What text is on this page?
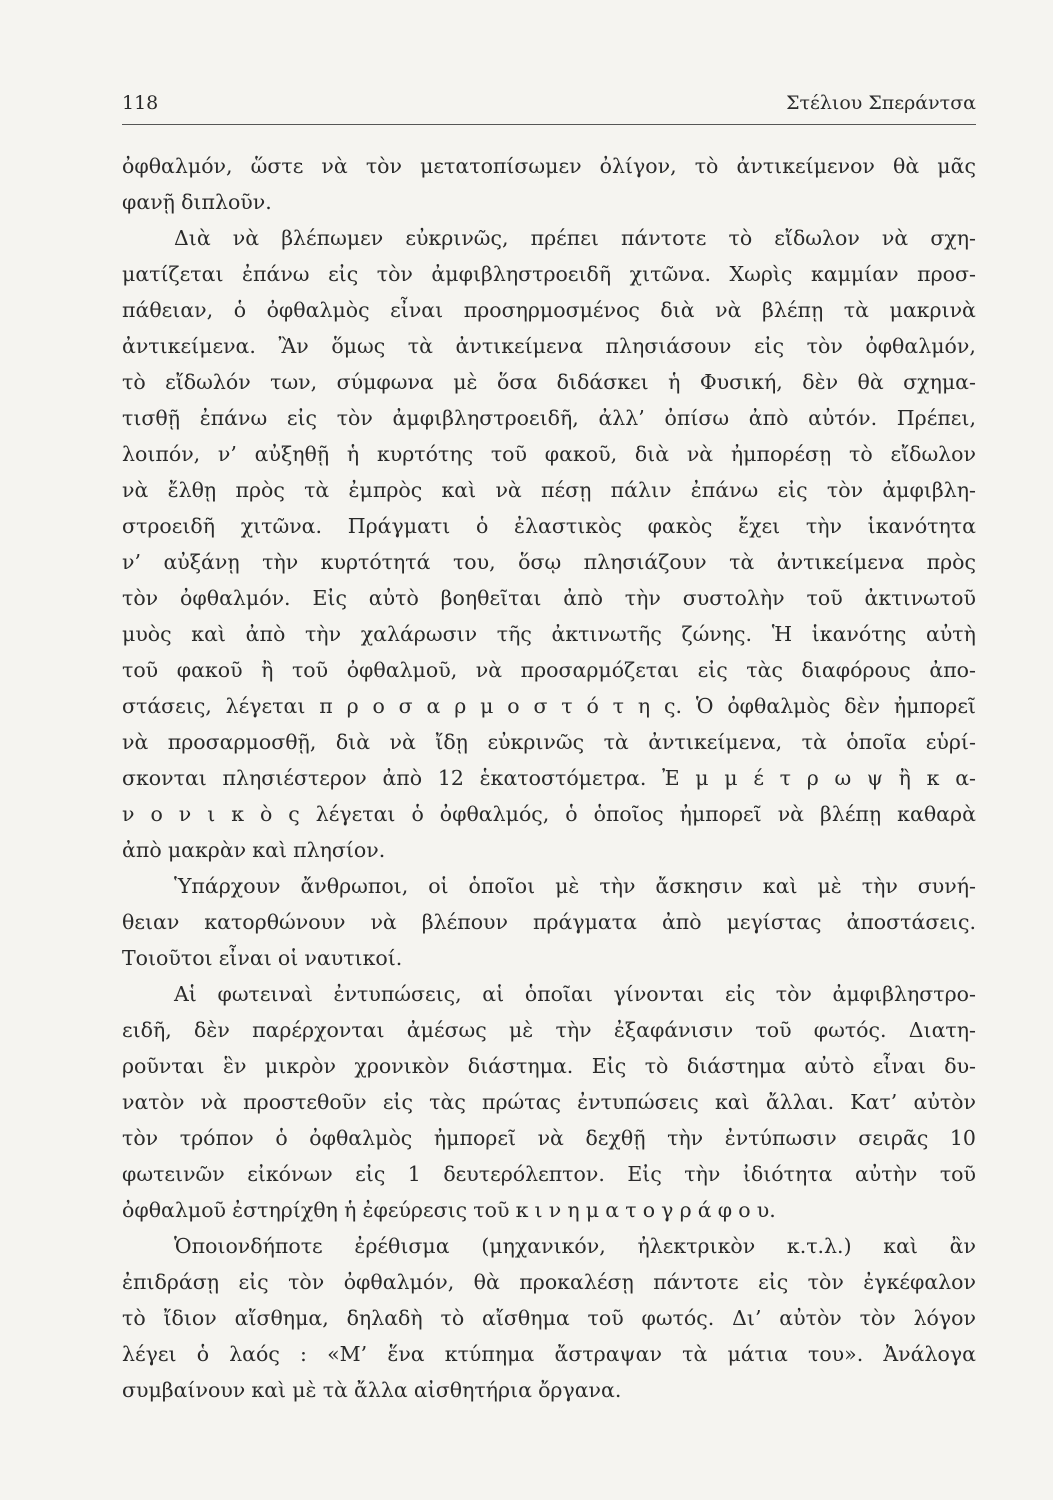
118	Στέλιου Σπεράντσα
ὀφθαλμόν, ὥστε νὰ τὸν μετατοπίσωμεν ὀλίγον, τὸ ἀντικείμενον θὰ μᾶς
φανῇ διπλοῦν.
Διὰ νὰ βλέπωμεν εὐκρινῶς, πρέπει πάντοτε τὸ εἴδωλον νὰ σχη-
ματίζεται ἐπάνω εἰς τὸν ἀμφιβληστροειδῆ χιτῶνα. Χωρὶς καμμίαν προσ-
πάθειαν, ὁ ὀφθαλμὸς εἶναι προσηρμοσμένος διὰ νὰ βλέπῃ τὰ μακρινὰ
ἀντικείμενα. Ἂν ὅμως τὰ ἀντικείμενα πλησιάσουν εἰς τὸν ὀφθαλμόν,
τὸ εἴδωλόν των, σύμφωνα μὲ ὅσα διδάσκει ἡ Φυσική, δὲν θὰ σχημα-
τισθῇ ἐπάνω εἰς τὸν ἀμφιβληστροειδῆ, ἀλλ’ ὀπίσω ἀπὸ αὐτόν. Πρέπει,
λοιπόν, ν’ αὐξηθῇ ἡ κυρτότης τοῦ φακοῦ, διὰ νὰ ἠμπορέσῃ τὸ εἴδωλον
νὰ ἔλθῃ πρὸς τὰ ἐμπρὸς καὶ νὰ πέσῃ πάλιν ἐπάνω εἰς τὸν ἀμφιβλη-
στροειδῆ χιτῶνα. Πράγματι ὁ ἐλαστικὸς φακὸς ἔχει τὴν ἱκανότητα
ν’ αὐξάνῃ τὴν κυρτότητά του, ὅσῳ πλησιάζουν τὰ ἀντικείμενα πρὸς
τὸν ὀφθαλμόν. Εἰς αὐτὸ βοηθεῖται ἀπὸ τὴν συστολὴν τοῦ ἀκτινωτοῦ
μυὸς καὶ ἀπὸ τὴν χαλάρωσιν τῆς ἀκτινωτῆς ζώνης. Ἡ ἱκανότης αὐτὴ
τοῦ φακοῦ ἢ τοῦ ὀφθαλμοῦ, νὰ προσαρμόζεται εἰς τὰς διαφόρους ἀπο-
στάσεις, λέγεται π ρ ο σ α ρ μ ο σ τ ό τ η ς. Ὁ ὀφθαλμὸς δὲν ἠμπορεῖ
νὰ προσαρμοσθῇ, διὰ νὰ ἴδῃ εὐκρινῶς τὰ ἀντικείμενα, τὰ ὁποῖα εὑρί-
σκονται πλησιέστερον ἀπὸ 12 ἑκατοστόμετρα. Ἐ μ μ έ τ ρ ω ψ ἢ κ α-
ν ο ν ι κ ὸ ς λέγεται ὁ ὀφθαλμός, ὁ ὁποῖος ἠμπορεῖ νὰ βλέπῃ καθαρὰ
ἀπὸ μακρὰν καὶ πλησίον.
Ὑπάρχουν ἄνθρωποι, οἱ ὁποῖοι μὲ τὴν ἄσκησιν καὶ μὲ τὴν συνή-
θειαν κατορθώνουν νὰ βλέπουν πράγματα ἀπὸ μεγίστας ἀποστάσεις.
Τοιοῦτοι εἶναι οἱ ναυτικοί.
Αἱ φωτειναὶ ἐντυπώσεις, αἱ ὁποῖαι γίνονται εἰς τὸν ἀμφιβληστρο-
ειδῆ, δὲν παρέρχονται ἀμέσως μὲ τὴν ἐξαφάνισιν τοῦ φωτός. Διατη-
ροῦνται ἓν μικρὸν χρονικὸν διάστημα. Εἰς τὸ διάστημα αὐτὸ εἶναι δυ-
νατὸν νὰ προστεθοῦν εἰς τὰς πρώτας ἐντυπώσεις καὶ ἄλλαι. Κατ’ αὐτὸν
τὸν τρόπον ὁ ὀφθαλμὸς ἠμπορεῖ νὰ δεχθῇ τὴν ἐντύπωσιν σειρᾶς 10
φωτεινῶν εἰκόνων εἰς 1 δευτερόλεπτον. Εἰς τὴν ἰδιότητα αὐτὴν τοῦ
ὀφθαλμοῦ ἐστηρίχθη ἡ ἐφεύρεσις τοῦ κ ι ν η μ α τ ο γ ρ ά φ ο υ.
Ὁποιονδήποτε ἐρέθισμα (μηχανικόν, ἠλεκτρικὸν κ.τ.λ.) καὶ ἂν
ἐπιδράσῃ εἰς τὸν ὀφθαλμόν, θὰ προκαλέσῃ πάντοτε εἰς τὸν ἐγκέφαλον
τὸ ἴδιον αἴσθημα, δηλαδὴ τὸ αἴσθημα τοῦ φωτός. Δι’ αὐτὸν τὸν λόγον
λέγει ὁ λαός : «Μ’ ἕνα κτύπημα ἄστραψαν τὰ μάτια του». Ἀνάλογα
συμβαίνουν καὶ μὲ τὰ ἄλλα αἰσθητήρια ὄργανα.
